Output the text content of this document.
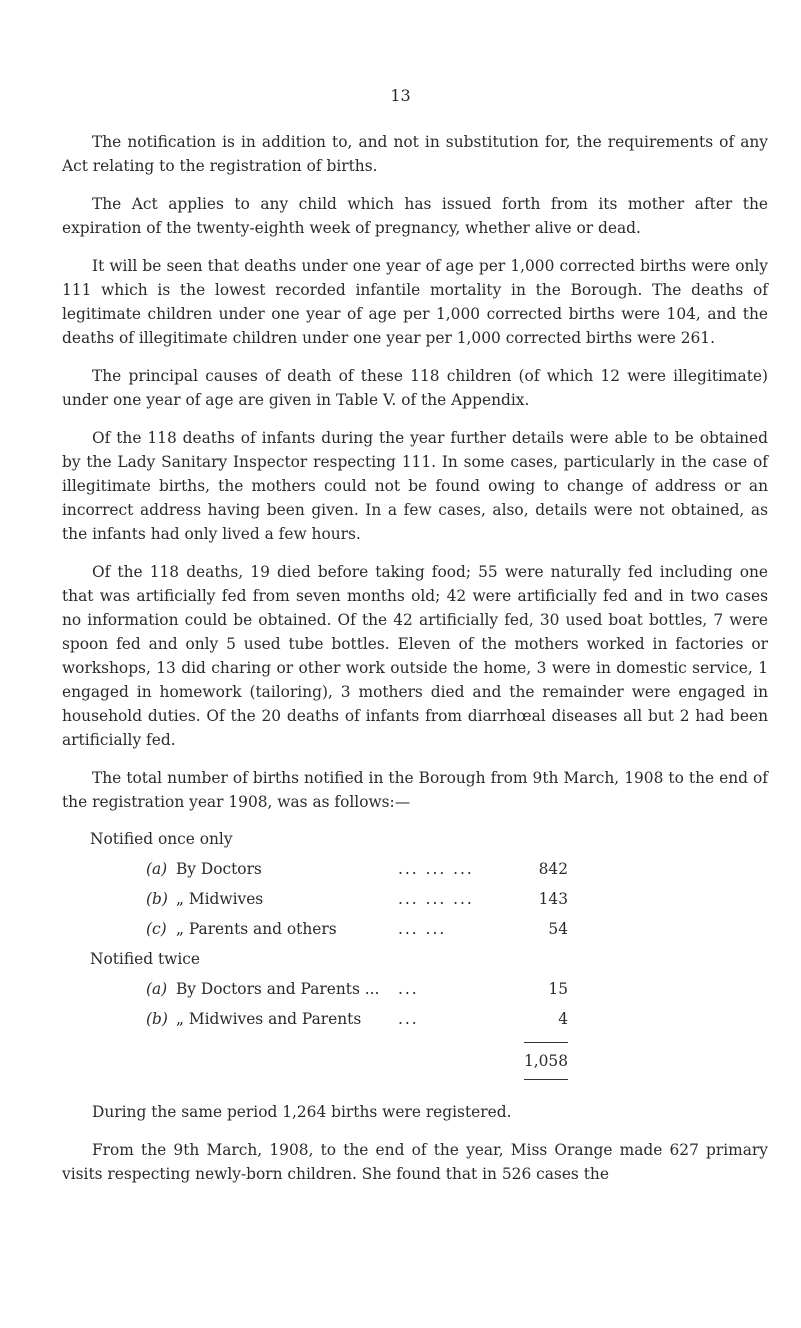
13

The notification is in addition to, and not in substitution for, the requirements of any Act relating to the registration of births.

The Act applies to any child which has issued forth from its mother after the expiration of the twenty-eighth week of pregnancy, whether alive or dead.

It will be seen that deaths under one year of age per 1,000 corrected births were only 111 which is the lowest recorded infantile mortality in the Borough. The deaths of legitimate children under one year of age per 1,000 corrected births were 104, and the deaths of illegitimate children under one year per 1,000 corrected births were 261.

The principal causes of death of these 118 children (of which 12 were illegitimate) under one year of age are given in Table V. of the Appendix.

Of the 118 deaths of infants during the year further details were able to be obtained by the Lady Sanitary Inspector respecting 111. In some cases, particularly in the case of illegitimate births, the mothers could not be found owing to change of address or an incorrect address having been given. In a few cases, also, details were not obtained, as the infants had only lived a few hours.

Of the 118 deaths, 19 died before taking food; 55 were naturally fed including one that was artificially fed from seven months old; 42 were artificially fed and in two cases no information could be obtained. Of the 42 artificially fed, 30 used boat bottles, 7 were spoon fed and only 5 used tube bottles. Eleven of the mothers worked in factories or workshops, 13 did charing or other work outside the home, 3 were in domestic service, 1 engaged in homework (tailoring), 3 mothers died and the remainder were engaged in household duties. Of the 20 deaths of infants from diarrhœal diseases all but 2 had been artificially fed.

The total number of births notified in the Borough from 9th March, 1908 to the end of the registration year 1908, was as follows:—

Notified once only

(a) By Doctors	... ... ...	842
(b) „ Midwives	... ... ...	143
(c) „ Parents and others	... ...	54

Notified twice

(a) By Doctors and Parents ...	...	15
(b) „ Midwives and Parents	...	4
1,058

During the same period 1,264 births were registered.

From the 9th March, 1908, to the end of the year, Miss Orange made 627 primary visits respecting newly-born children. She found that in 526 cases the
